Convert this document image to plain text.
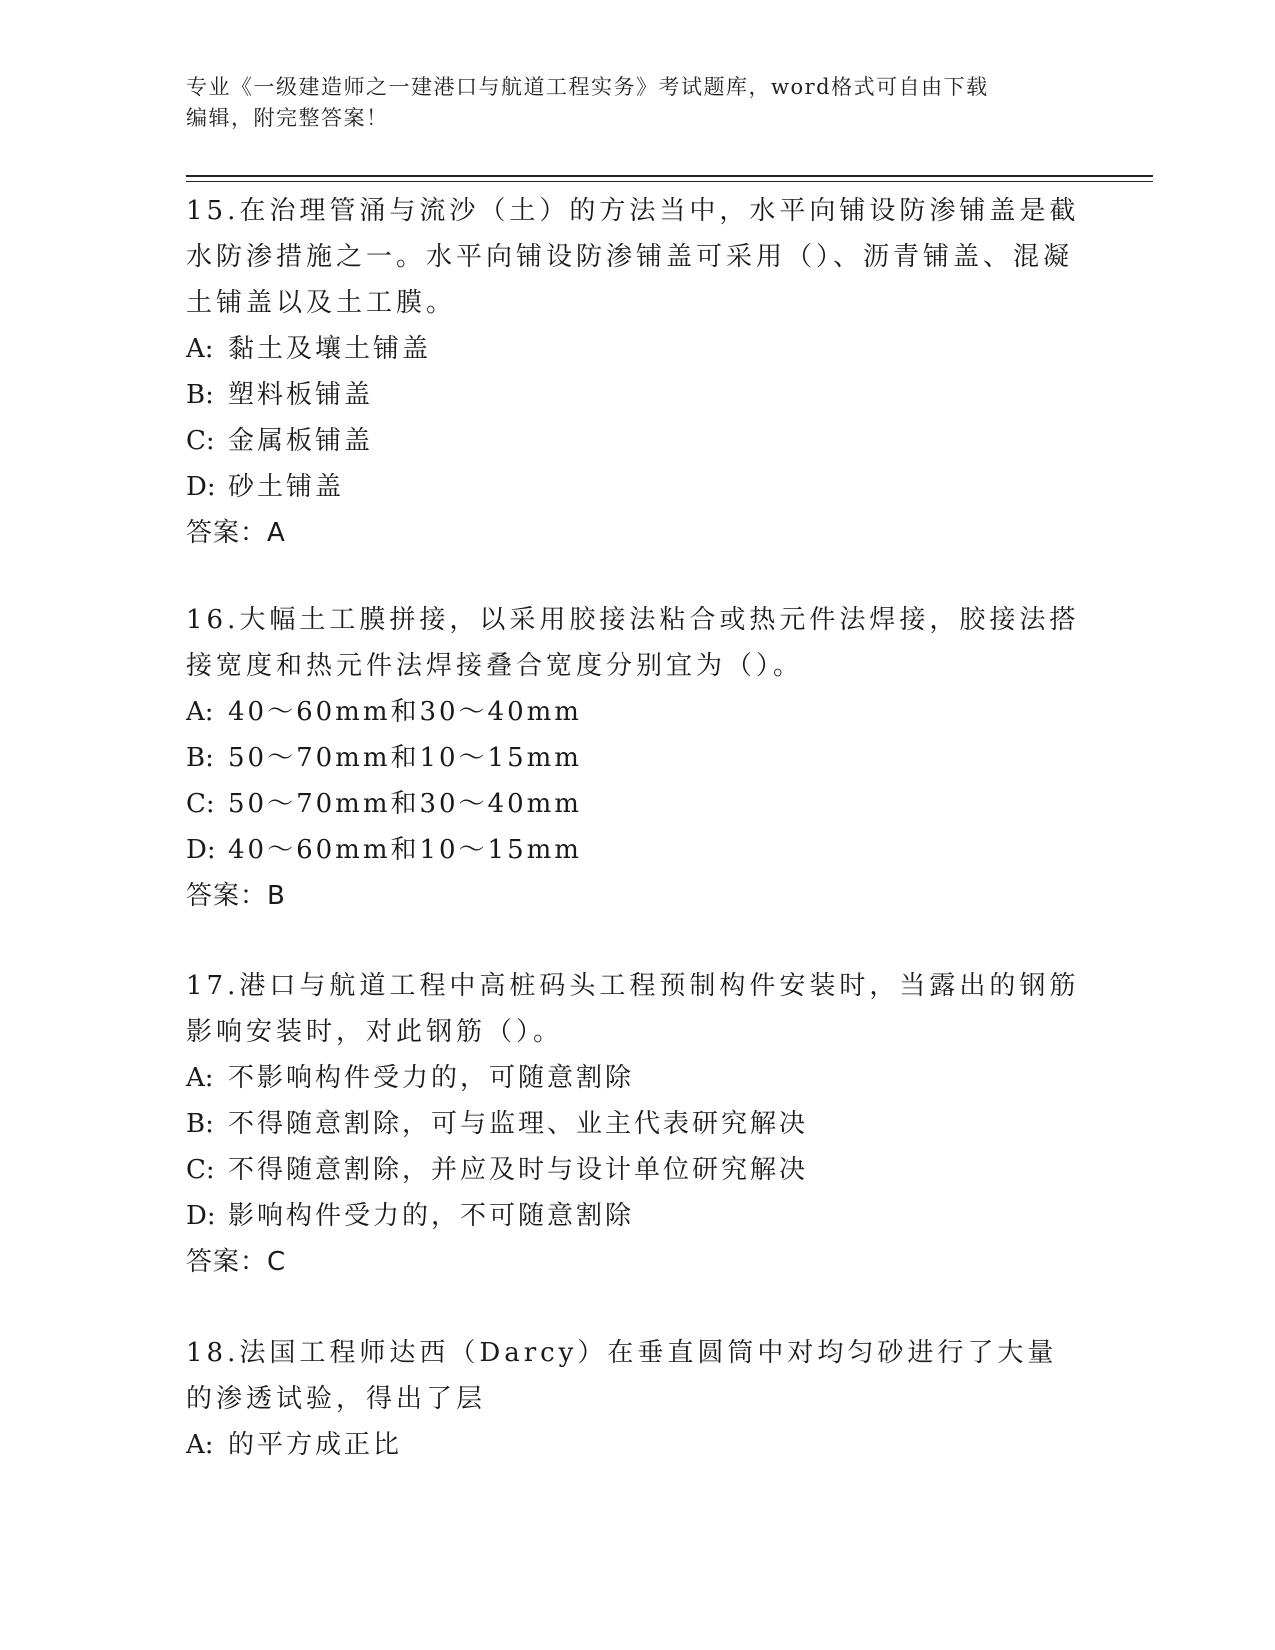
专业《一级建造师之一建港口与航道工程实务》考试题库，word格式可自由下载
编辑，附完整答案！

15.在治理管涌与流沙（土）的方法当中，水平向铺设防渗铺盖是截水防渗措施之一。水平向铺设防渗铺盖可采用（）、沥青铺盖、混凝土铺盖以及土工膜。

A: 黏土及壤土铺盖

B: 塑料板铺盖

C: 金属板铺盖

D: 砂土铺盖

答案：A

16.大幅土工膜拼接，以采用胶接法粘合或热元件法焊接，胶接法搭接宽度和热元件法焊接叠合宽度分别宜为（）。

A: 40～60mm和30～40mm

B: 50～70mm和10～15mm

C: 50～70mm和30～40mm

D: 40～60mm和10～15mm

答案：B

17.港口与航道工程中高桩码头工程预制构件安装时，当露出的钢筋影响安装时，对此钢筋（）。

A: 不影响构件受力的，可随意割除

B: 不得随意割除，可与监理、业主代表研究解决

C: 不得随意割除，并应及时与设计单位研究解决

D: 影响构件受力的，不可随意割除

答案：C

18.法国工程师达西（Darcy）在垂直圆筒中对均匀砂进行了大量的渗透试验，得出了层

A: 的平方成正比
